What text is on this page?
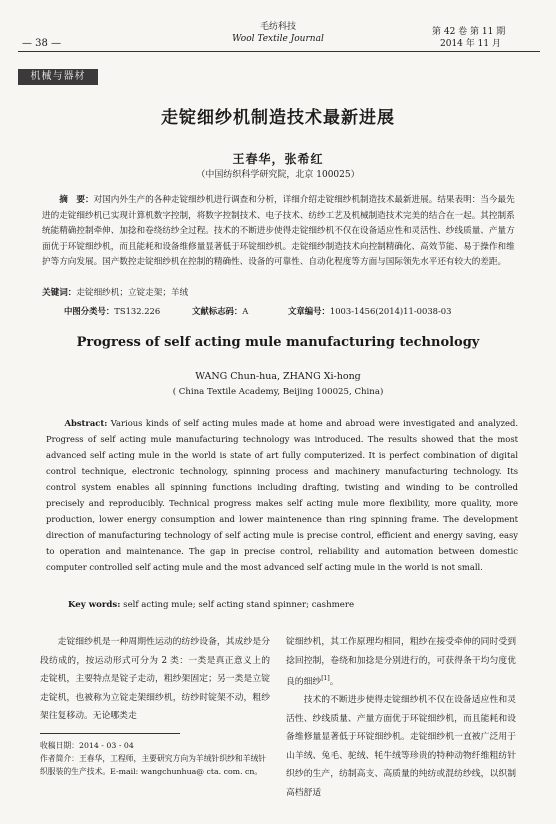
毛纺科技
Wool Textile Journal
— 38 —
第 42 卷 第 11 期
2014 年 11 月
机械与器材
走锭细纱机制造技术最新进展
王春华，张希红
（中国纺织科学研究院，北京 100025）
摘　要：对国内外生产的各种走锭细纱机进行调查和分析，详细介绍走锭细纱机制造技术最新进展。结果表明：当今最先进的走锭细纱机已实现计算机数字控制，将数字控制技术、电子技术、纺纱工艺及机械制造技术完美的结合在一起。其控制系统能精确控制牵伸、加捻和卷绕纺纱全过程。技术的不断进步使得走锭细纱机不仅在设备适应性和灵活性、纱线质量、产量方面优于环锭细纱机，而且能耗和设备维修量显著低于环锭细纱机。走锭细纱制造技术向控制精确化、高效节能、易于操作和维护等方向发展。国产数控走锭细纱机在控制的精确性、设备的可靠性、自动化程度等方面与国际领先水平还有较大的差距。
关键词：走锭细纱机；立锭走架；羊绒
中图分类号：TS132.226	文献标志码：A	文章编号：1003-1456(2014)11-0038-03
Progress of self acting mule manufacturing technology
WANG Chun-hua, ZHANG Xi-hong
( China Textile Academy, Beijing 100025, China)
Abstract: Various kinds of self acting mules made at home and abroad were investigated and analyzed. Progress of self acting mule manufacturing technology was introduced. The results showed that the most advanced self acting mule in the world is state of art fully computerized. It is perfect combination of digital control technique, electronic technology, spinning process and machinery manufacturing technology. Its control system enables all spinning functions including drafting, twisting and winding to be controlled precisely and reproducibly. Technical progress makes self acting mule more flexibility, more quality, more production, lower energy consumption and lower maintenence than ring spinning frame. The development direction of manufacturing technology of self acting mule is precise control, efficient and energy saving, easy to operation and maintenance. The gap in precise control, reliability and automation between domestic computer controlled self acting mule and the most advanced self acting mule in the world is not small.
Key words: self acting mule; self acting stand spinner; cashmere

走锭细纱机是一种周期性运动的纺纱设备，其成纱是分段纺成的，按运动形式可分为 2 类：一类是真正意义上的走锭机，主要特点是锭子走动，粗纱架固定；另一类是立锭走锭机，也被称为立锭走架细纱机，纺纱时锭架不动，粗纱架往复移动。无论哪类走

锭细纱机，其工作原理均相同，粗纱在接受牵伸的同时受到捻回控制，卷绕和加捻是分别进行的，可获得条干均匀度优良的细纱[1]。

技术的不断进步使得走锭细纱机不仅在设备适应性和灵活性、纱线质量、产量方面优于环锭细纱机，而且能耗和设备维修量显著低于环锭细纱机。走锭细纱机一直被广泛用于山羊绒、兔毛、驼绒、牦牛绒等珍贵的特种动物纤维粗纺针织纱的生产，纺制高支、高质量的纯纺或混纺纱线，以织制高档舒适

收稿日期：2014 - 03 - 04
作者简介：王春华，工程师，主要研究方向为羊绒针织纱和羊绒针织服装的生产技术。E-mail: wangchunhua@ cta. com. cn。
